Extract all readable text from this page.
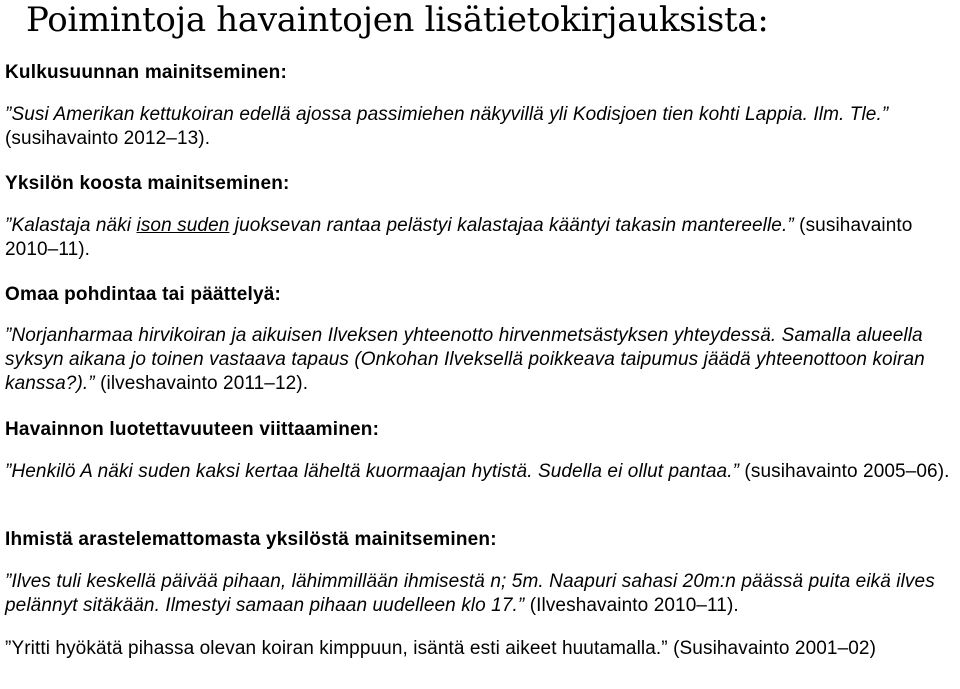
Poimintoja havaintojen lisätietokirjauksista:
Kulkusuunnan mainitseminen:

”Susi Amerikan kettukoiran edellä ajossa passimiehen näkyvillä yli Kodisjoen tien kohti Lappia. Ilm. Tle.” (susihavainto 2012–13).

Yksilön koosta mainitseminen:

”Kalastaja näki ison suden juoksevan rantaa pelästyi kalastajaa kääntyi takasin mantereelle.” (susihavainto 2010–11).

Omaa pohdintaa tai päättelyä:

”Norjanharmaa hirvikoiran ja aikuisen Ilveksen yhteenotto hirvenmetsästyksen yhteydessä. Samalla alueella syksyn aikana jo toinen vastaava tapaus (Onkohan Ilveksellä poikkeava taipumus jäädä yhteenottoon koiran kanssa?).” (ilveshavainto 2011–12).

Havainnon luotettavuuteen viittaaminen:

”Henkilö A näki suden kaksi kertaa läheltä kuormaajan hytistä. Sudella ei ollut pantaa.” (susihavainto 2005–06).

Ihmistä arastelemattomasta yksilöstä mainitseminen:

”Ilves tuli keskellä päivää pihaan, lähimmillään ihmisestä n; 5m. Naapuri sahasi 20m:n päässä puita eikä ilves pelännyt sitäkään. Ilmestyi samaan pihaan uudelleen klo 17.” (Ilveshavainto 2010–11).

”Yritti hyökätä pihassa olevan koiran kimppuun, isäntä esti aikeet huutamalla.” (Susihavainto 2001–02)
